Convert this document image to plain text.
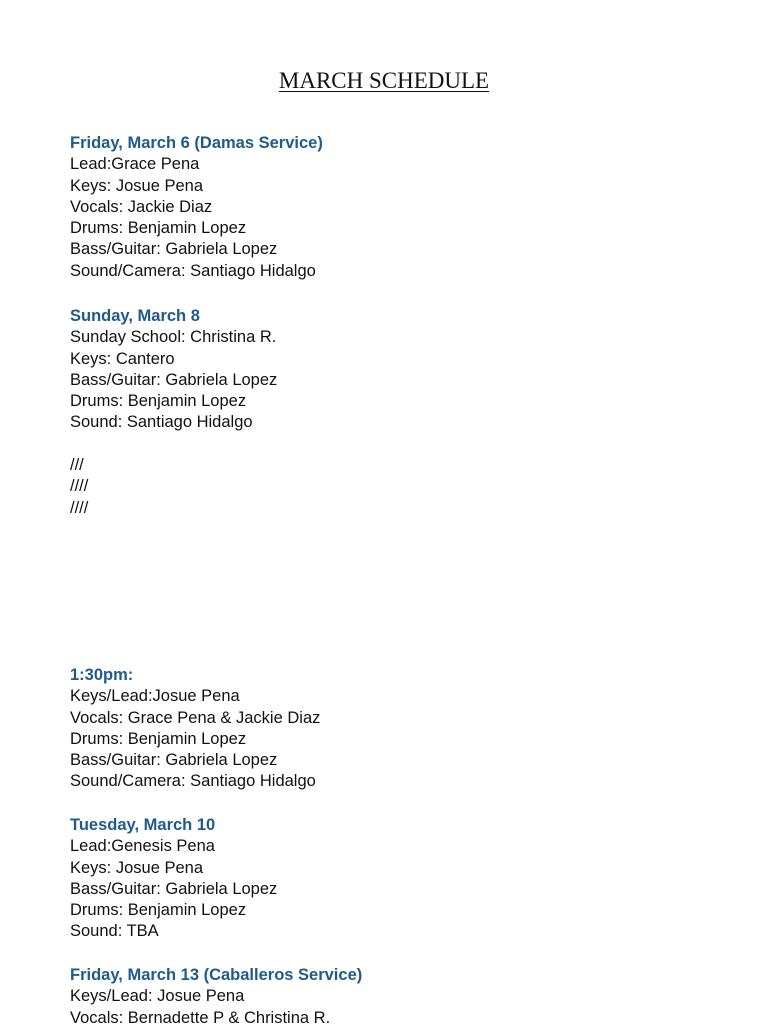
MARCH SCHEDULE
Friday, March 6 (Damas Service)
Lead:Grace Pena
Keys: Josue Pena
Vocals: Jackie Diaz
Drums: Benjamin Lopez
Bass/Guitar: Gabriela Lopez
Sound/Camera: Santiago Hidalgo
Sunday, March 8
Sunday School: Christina R.
Keys: Cantero
Bass/Guitar: Gabriela Lopez
Drums: Benjamin Lopez
Sound: Santiago Hidalgo
///
////
////
1:30pm:
Keys/Lead:Josue Pena
Vocals: Grace Pena & Jackie Diaz
Drums: Benjamin Lopez
Bass/Guitar: Gabriela Lopez
Sound/Camera: Santiago Hidalgo
Tuesday, March 10
Lead:Genesis Pena
Keys: Josue Pena
Bass/Guitar: Gabriela Lopez
Drums: Benjamin Lopez
Sound: TBA
Friday, March 13 (Caballeros Service)
Keys/Lead: Josue Pena
Vocals: Bernadette P & Christina R.
